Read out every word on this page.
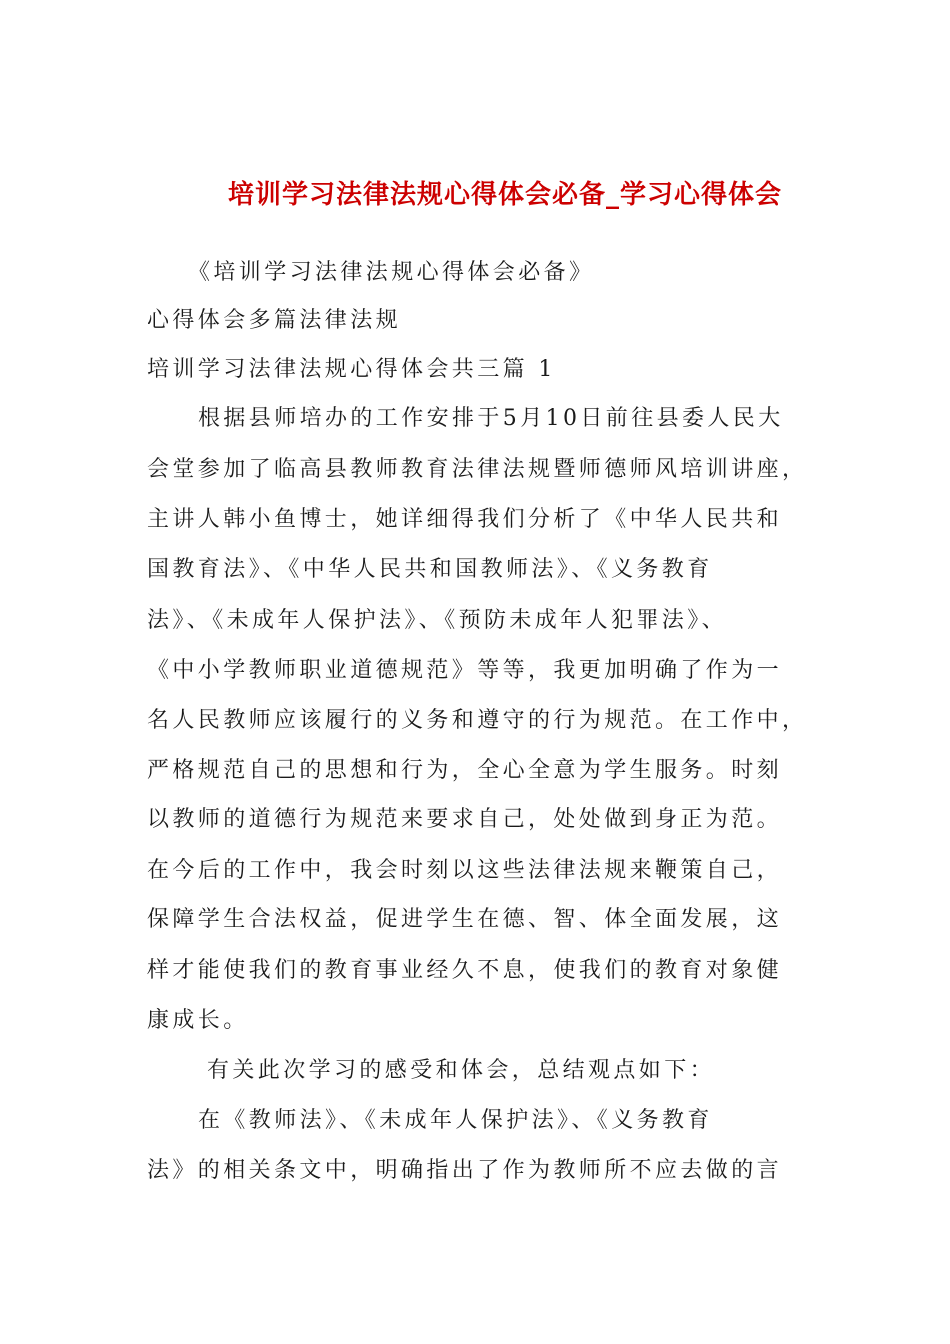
培训学习法律法规心得体会必备_学习心得体会
《培训学习法律法规心得体会必备》
心得体会多篇法律法规
培训学习法律法规心得体会共三篇 1
根据县师培办的工作安排于5月10日前往县委人民大
会堂参加了临高县教师教育法律法规暨师德师风培训讲座，
主讲人韩小鱼博士，她详细得我们分析了《中华人民共和
国教育法》、《中华人民共和国教师法》、《义务教育
法》、《未成年人保护法》、《预防未成年人犯罪法》、
《中小学教师职业道德规范》等等，我更加明确了作为一
名人民教师应该履行的义务和遵守的行为规范。在工作中，
严格规范自己的思想和行为，全心全意为学生服务。时刻
以教师的道德行为规范来要求自己，处处做到身正为范。
在今后的工作中，我会时刻以这些法律法规来鞭策自己，
保障学生合法权益，促进学生在德、智、体全面发展，这
样才能使我们的教育事业经久不息，使我们的教育对象健
康成长。
有关此次学习的感受和体会，总结观点如下：
在《教师法》、《未成年人保护法》、《义务教育
法》的相关条文中，明确指出了作为教师所不应去做的言
